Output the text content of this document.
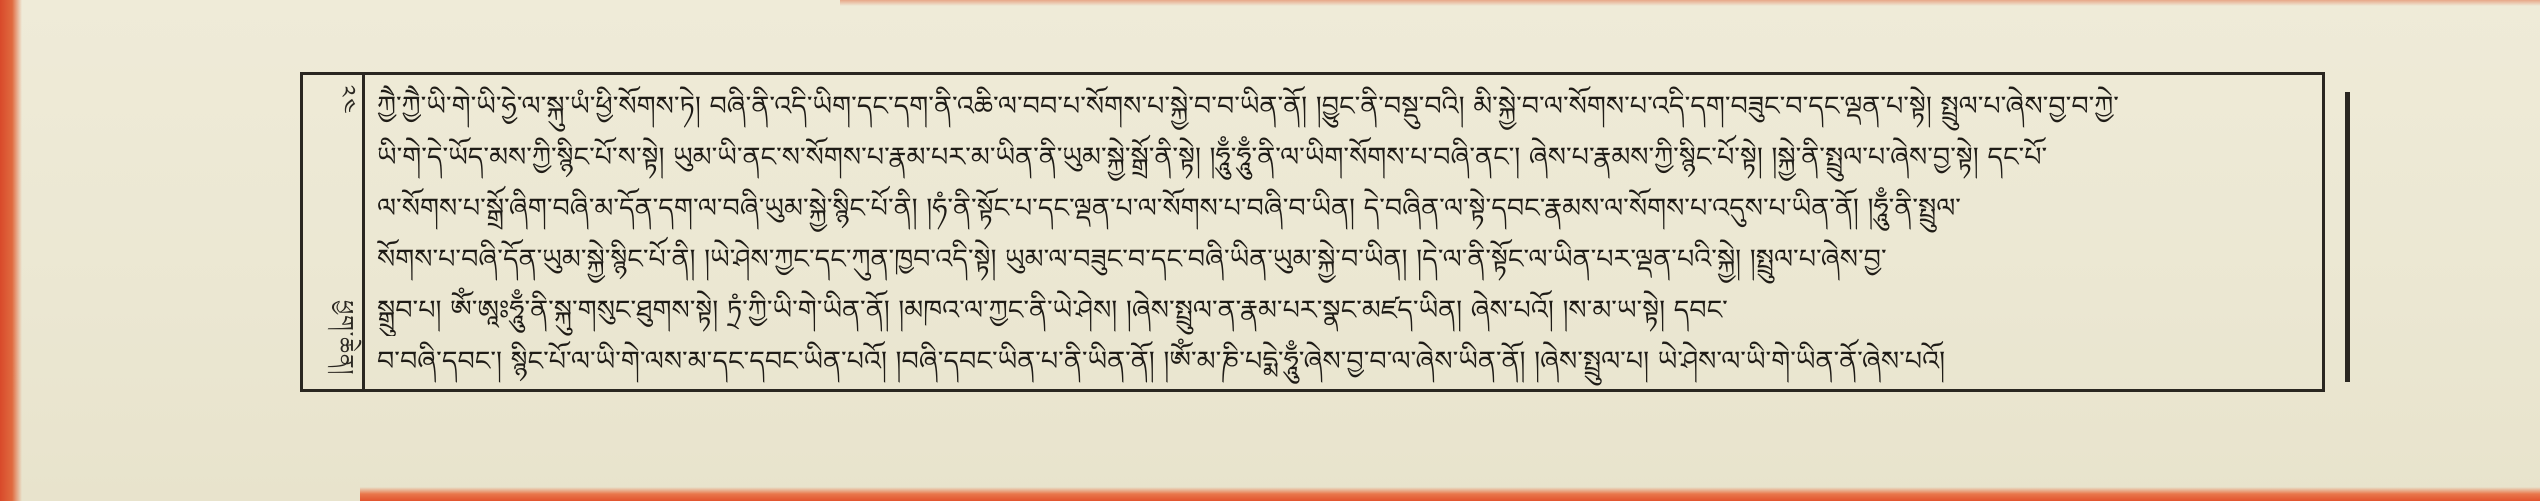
༢༤
ཕྱག་ཆེན།
ཀྱཻ་ཀྱཻ་ཡི་གེ་ཡི་ཧྱེ་ལ་སྐུ་ཡཾ་ཕྱི་སོགས་ཏེ། བཞི་ནི་འདི་ཡིག་དང་དག་ནི་འཆི་ལ་བབ་པ་སོགས་པ་སྐྱེ་བ་བ་ཡིན་ནོ། །བྱུང་ནི་བསྡུ་བའི། མི་སྐྱེ་བ་ལ་སོགས་པ་འདི་དག་བཟུང་བ་དང་ལྡན་པ་སྟེ། སྤྲུལ་པ་ཞེས་བྱ་བ་ཀྱེ་
ཡི་གེ་དེ་ཡོད་མས་ཀྱི་སྙིང་པོ་ས་སྟེ། ཡུམ་ཡི་ནང་ས་སོགས་པ་རྣམ་པར་མ་ཡིན་ནི་ཡུམ་སྐྱེ་སྒྲོ་ནི་སྟེ། །ཧཱུྃ་ཧཱུྃ་ནི་ལ་ཡིག་སོགས་པ་བཞི་ནང་། ཞེས་པ་རྣམས་ཀྱི་སྙིང་པོ་སྟེ། །སྐྱེ་ནི་སྤྲུལ་པ་ཞེས་བྱ་སྟེ། དང་པོ་
ལ་སོགས་པ་སྒྲོ་ཞིག་བཞི་མ་དོན་དག་ལ་བཞི་ཡུམ་སྐྱེ་སྙིང་པོ་ནི། །ཧཾ་ནི་སྟོང་པ་དང་ལྡན་པ་ལ་སོགས་པ་བཞི་བ་ཡིན། དེ་བཞིན་ལ་སྟེ་དབང་རྣམས་ལ་སོགས་པ་འདུས་པ་ཡིན་ནོ། །ཧཱུྃ་ནི་སྤྲུལ་
སོགས་པ་བཞི་དོན་ཡུམ་སྐྱེ་སྙིང་པོ་ནི། །ཡེ་ཤེས་ཀྱང་དང་ཀུན་ཁྱབ་འདི་སྟེ། ཡུམ་ལ་བཟུང་བ་དང་བཞི་ཡིན་ཡུམ་སྐྱེ་བ་ཡིན། །དེ་ལ་ནི་སྟོང་ལ་ཡིན་པར་ལྡན་པའི་སྐྱེ། །སྤྲུལ་པ་ཞེས་བྱ་
སྒྲུབ་པ། ཨོཾ་ཨཱཿཧཱུྃ་ནི་སྐུ་གསུང་ཐུགས་སྟེ། ཏྲཾ་ཀྱི་ཡི་གེ་ཡིན་ནོ། །མཁའ་ལ་ཀྱང་ནི་ཡེ་ཤེས། །ཞེས་སྤྲུལ་ན་རྣམ་པར་སྣང་མཛད་ཡིན། ཞེས་པའོ། །ས་མ་ཡ་སྟེ། དབང་
བ་བཞི་དབང་། སྙིང་པོ་ལ་ཡི་གེ་ལས་མ་དང་དབང་ཡིན་པའོ། །བཞི་དབང་ཡིན་པ་ནི་ཡིན་ནོ། །ཨོཾ་མ་ཎི་པདྨེ་ཧཱུྃ་ཞེས་བྱ་བ་ལ་ཞེས་ཡིན་ནོ། །ཞེས་སྤྲུལ་པ། ཡེ་ཤེས་ལ་ཡི་གེ་ཡིན་ནོ་ཞེས་པའོ།
